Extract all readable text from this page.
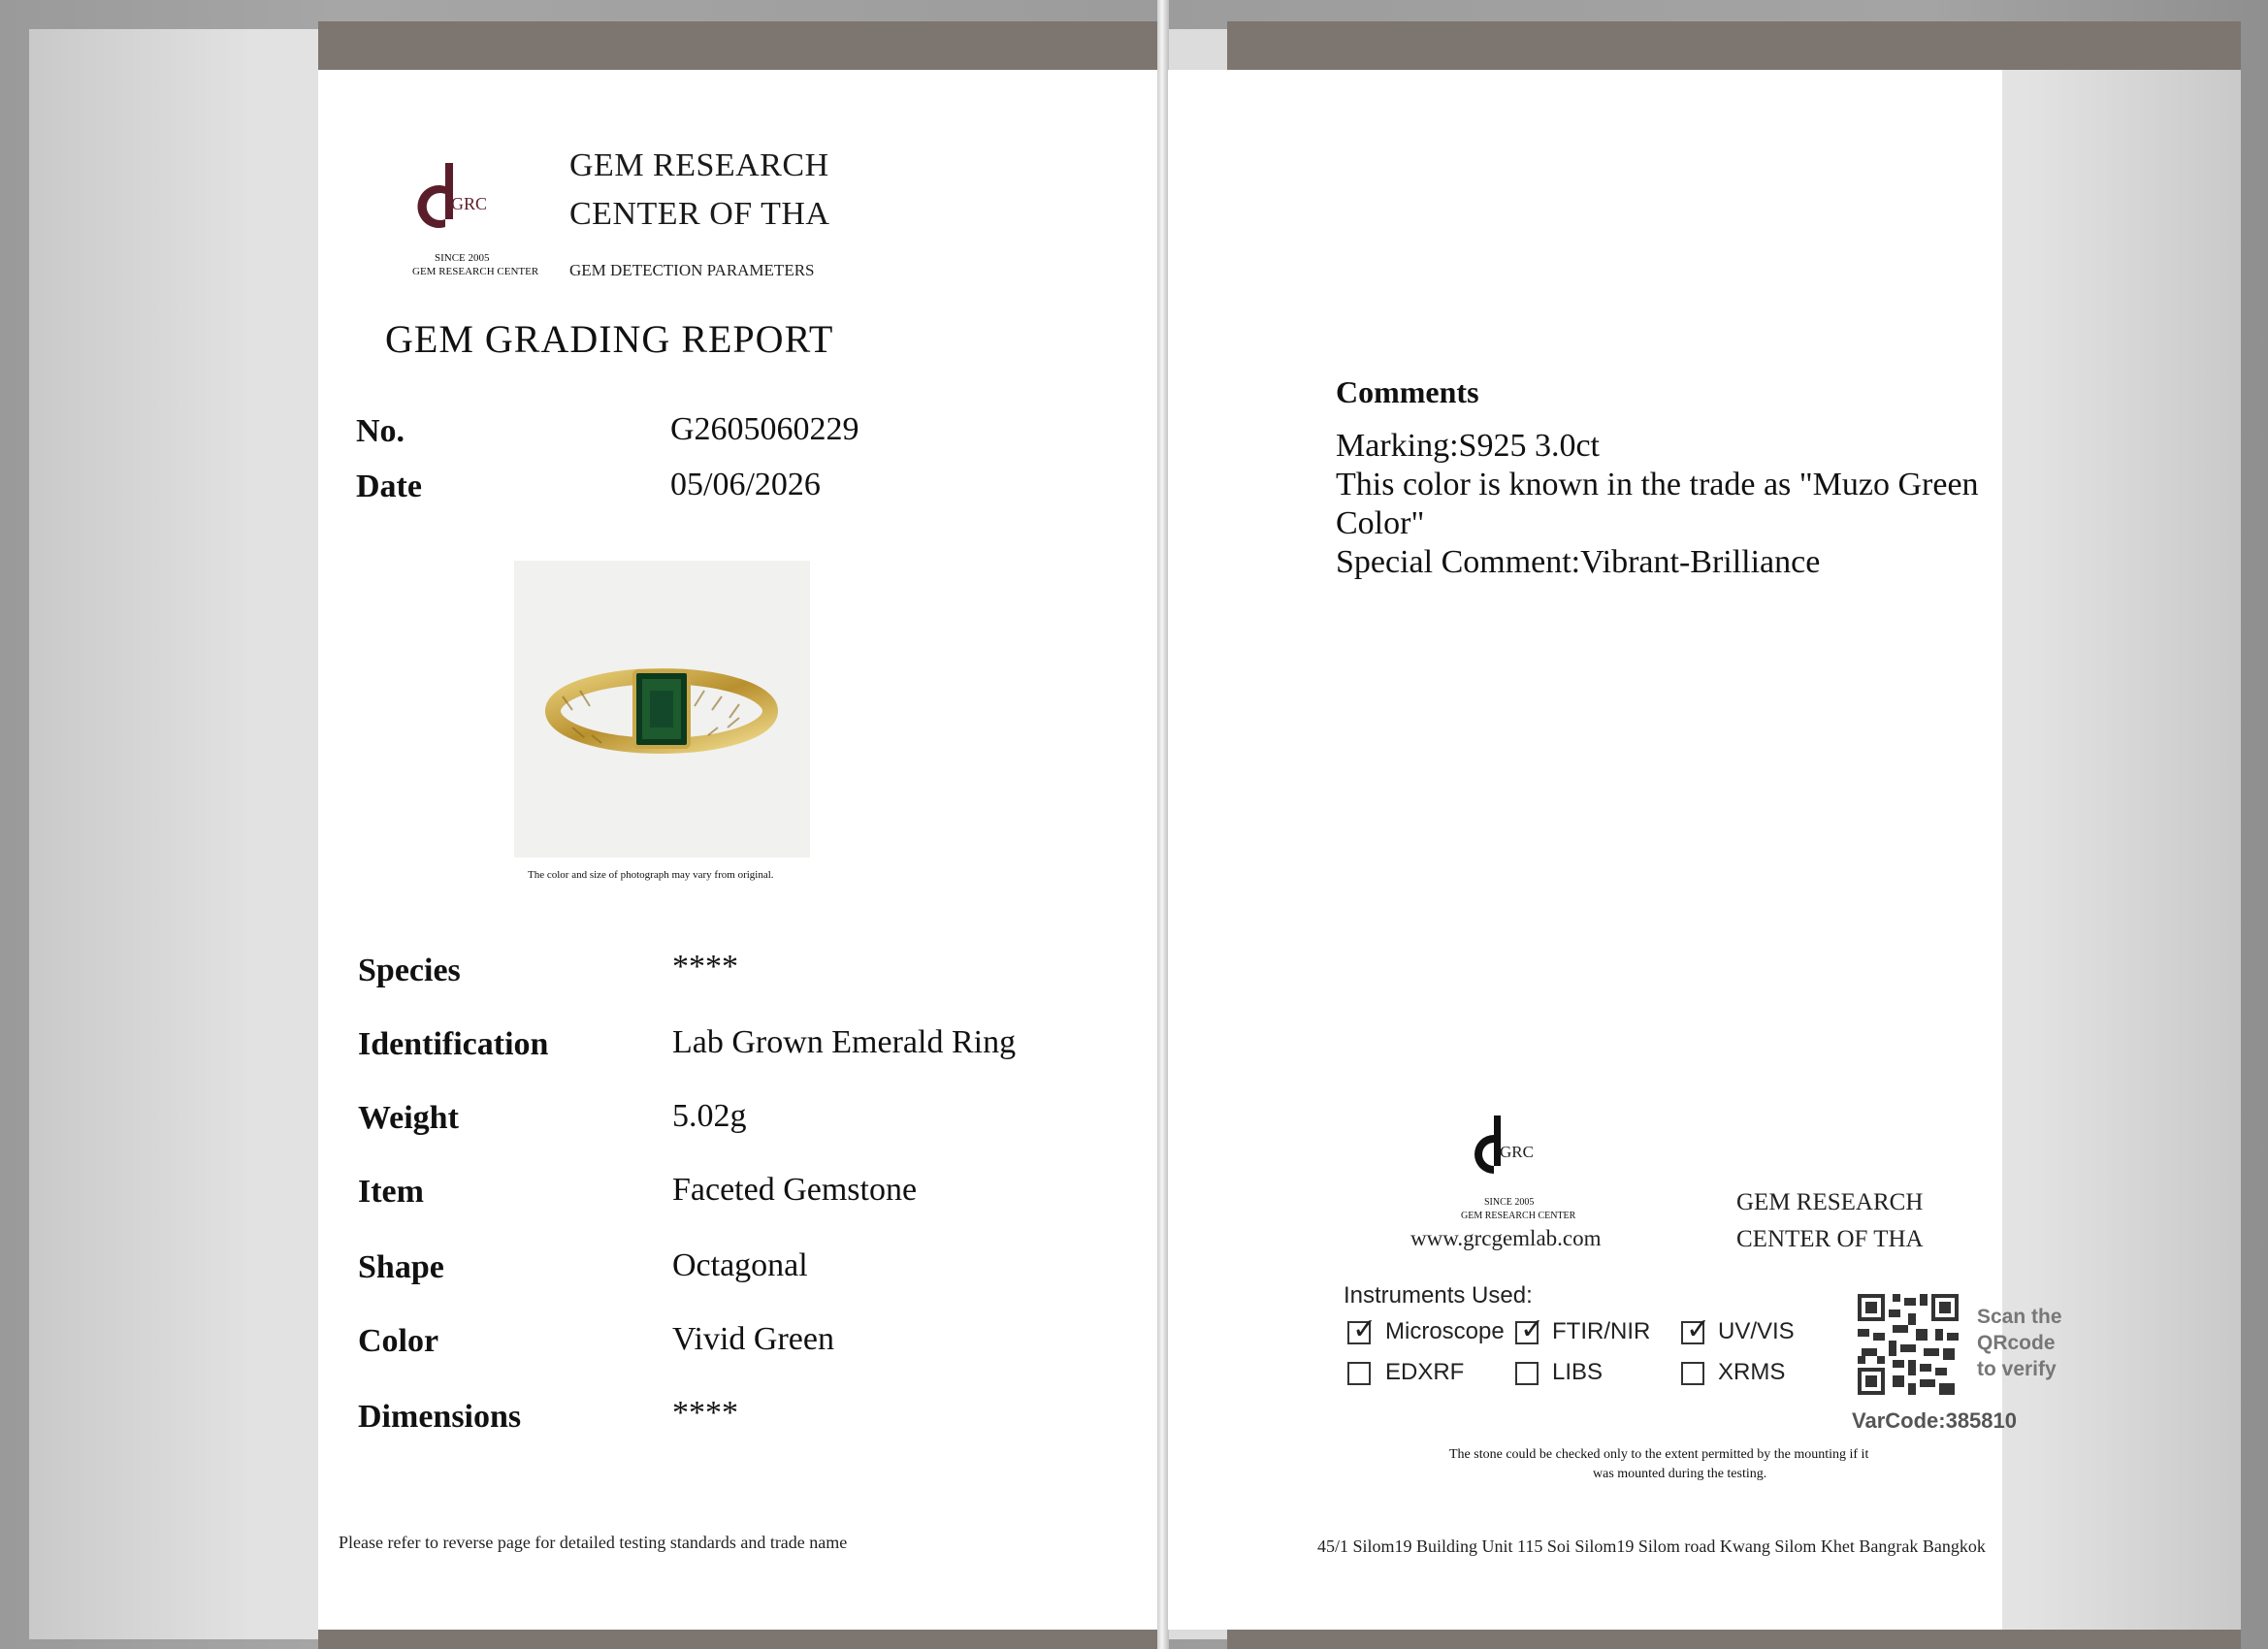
GRC
SINCE 2005
GEM RESEARCH CENTER
GEM RESEARCH
CENTER OF THA
GEM DETECTION PARAMETERS
GEM GRADING REPORT
No.	G2605060229
Date	05/06/2026
The color and size of photograph may vary from original.
Species	****
Identification	Lab Grown Emerald Ring
Weight	5.02g
Item	Faceted Gemstone
Shape	Octagonal
Color	Vivid Green
Dimensions	****
Please refer to reverse page for detailed testing standards and trade name
Comments
Marking:S925 3.0ct
This color is known in the trade as "Muzo Green
Color"
Special Comment:Vibrant-Brilliance
GRC
SINCE 2005
GEM RESEARCH CENTER
www.grcgemlab.com
GEM RESEARCH
CENTER OF THA
Instruments Used:
✓ Microscope ✓ FTIR/NIR ✓ UV/VIS
EDXRF	LIBS	XRMS
Scan the
QRcode
to verify
VarCode:385810
The stone could be checked only to the extent permitted by the mounting if it
was mounted during the testing.
45/1 Silom19 Building Unit 115 Soi Silom19 Silom road Kwang Silom Khet Bangrak Bangkok
